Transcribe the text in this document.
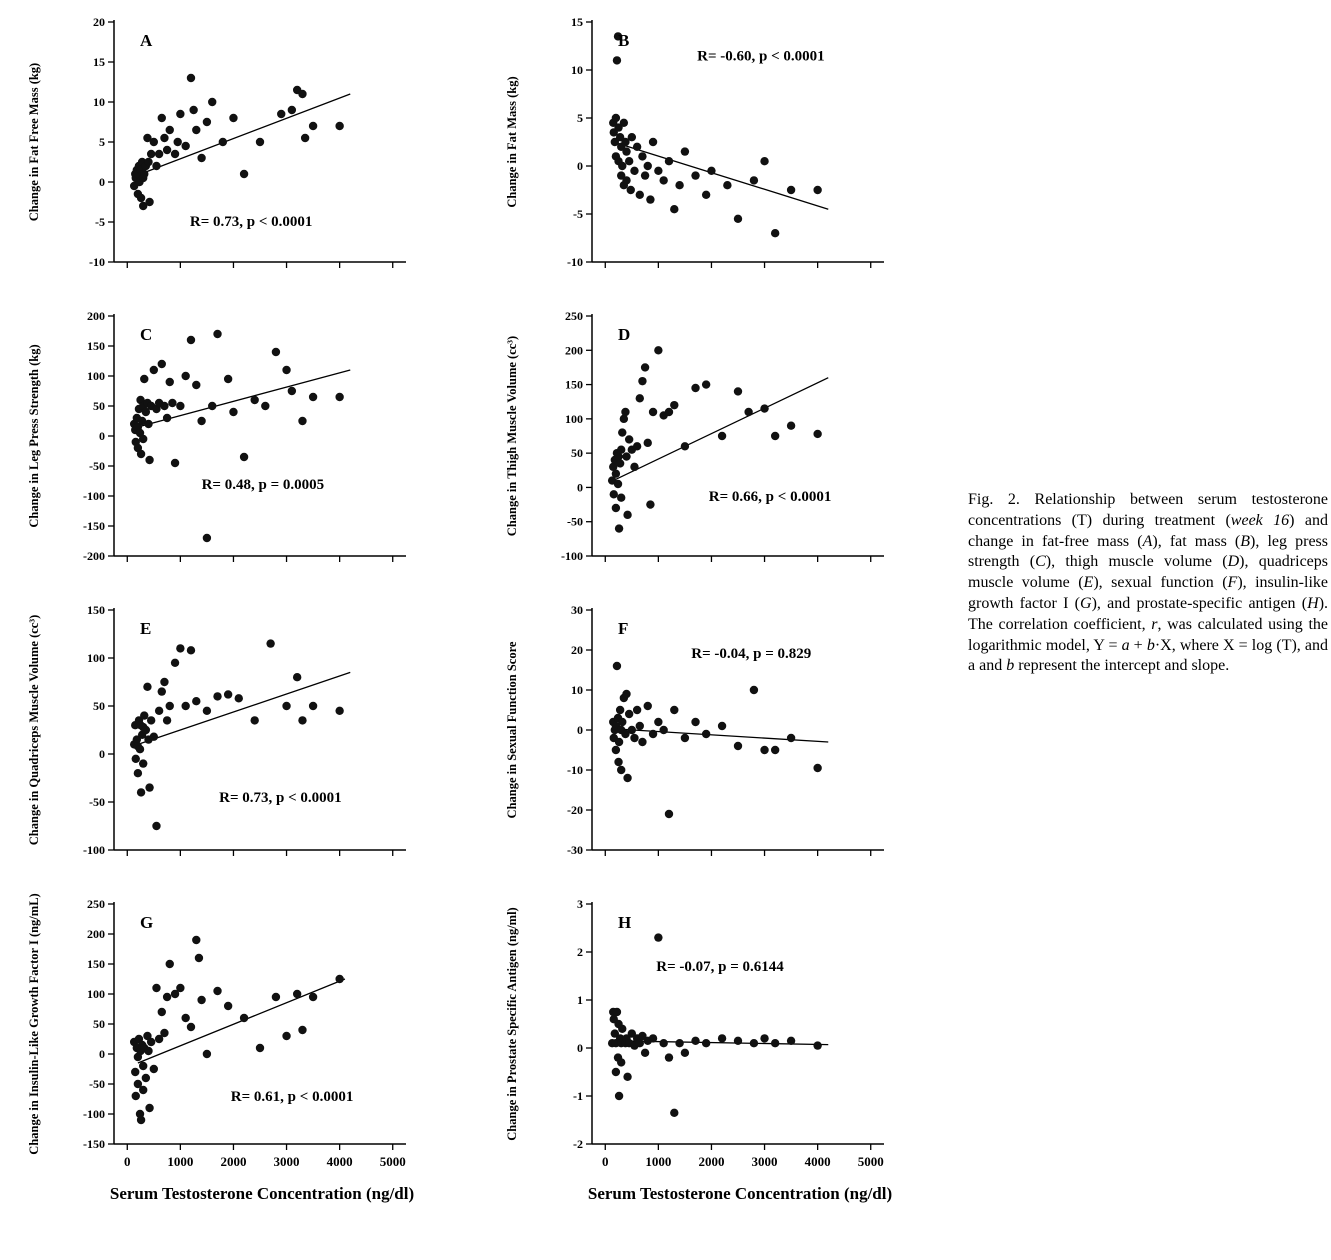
20
15
10
5
0
-5
-10
Change in Fat Free Mass (kg)
A
R= 0.73, p < 0.0001
200
150
100
50
0
-50
-100
-150
-200
Change in Leg Press Strength (kg)
C
R= 0.48, p = 0.0005
150
100
50
0
-50
-100
Change in Quadriceps Muscle Volume (cc³)	E
R= 0.73, p < 0.0001
250
200
150
100
50
0
-50
-100
-150
0	1000 2000 3000 4000 5000
Change in Insulin-Like Growth Factor I (ng/mL)	G
R= 0.61, p < 0.0001
Serum Testosterone Concentration (ng/dl)
15
10
5
0
-5
-10
Change in Fat Mass (kg)
B
R= -0.60, p < 0.0001
250
200
150
100
50
0
-50
-100
Change in Thigh Muscle Volume (cc³)
D
R= 0.66, p < 0.0001
30
20
10
0
-10
-20
-30
Change in Sexual Function Score
F
R= -0.04, p = 0.829
3
2
1
0
-1
-2
0	1000 2000 3000 4000 5000
Change in Prostate Specific Antigen (ng/ml)	H
R= -0.07, p = 0.6144
Serum Testosterone Concentration (ng/dl)
Fig. 2. Relationship between serum testosterone concentrations (T) during treatment (week 16) and change in fat-free mass (A), fat mass (B), leg press strength (C), thigh muscle volume (D), quadriceps muscle volume (E), sexual function (F), insulin-like growth factor I (G), and prostate-specific antigen (H). The correlation coefficient, r, was calculated using the logarithmic model, Y = a + b·X, where X = log (T), and a and b represent the intercept and slope.
